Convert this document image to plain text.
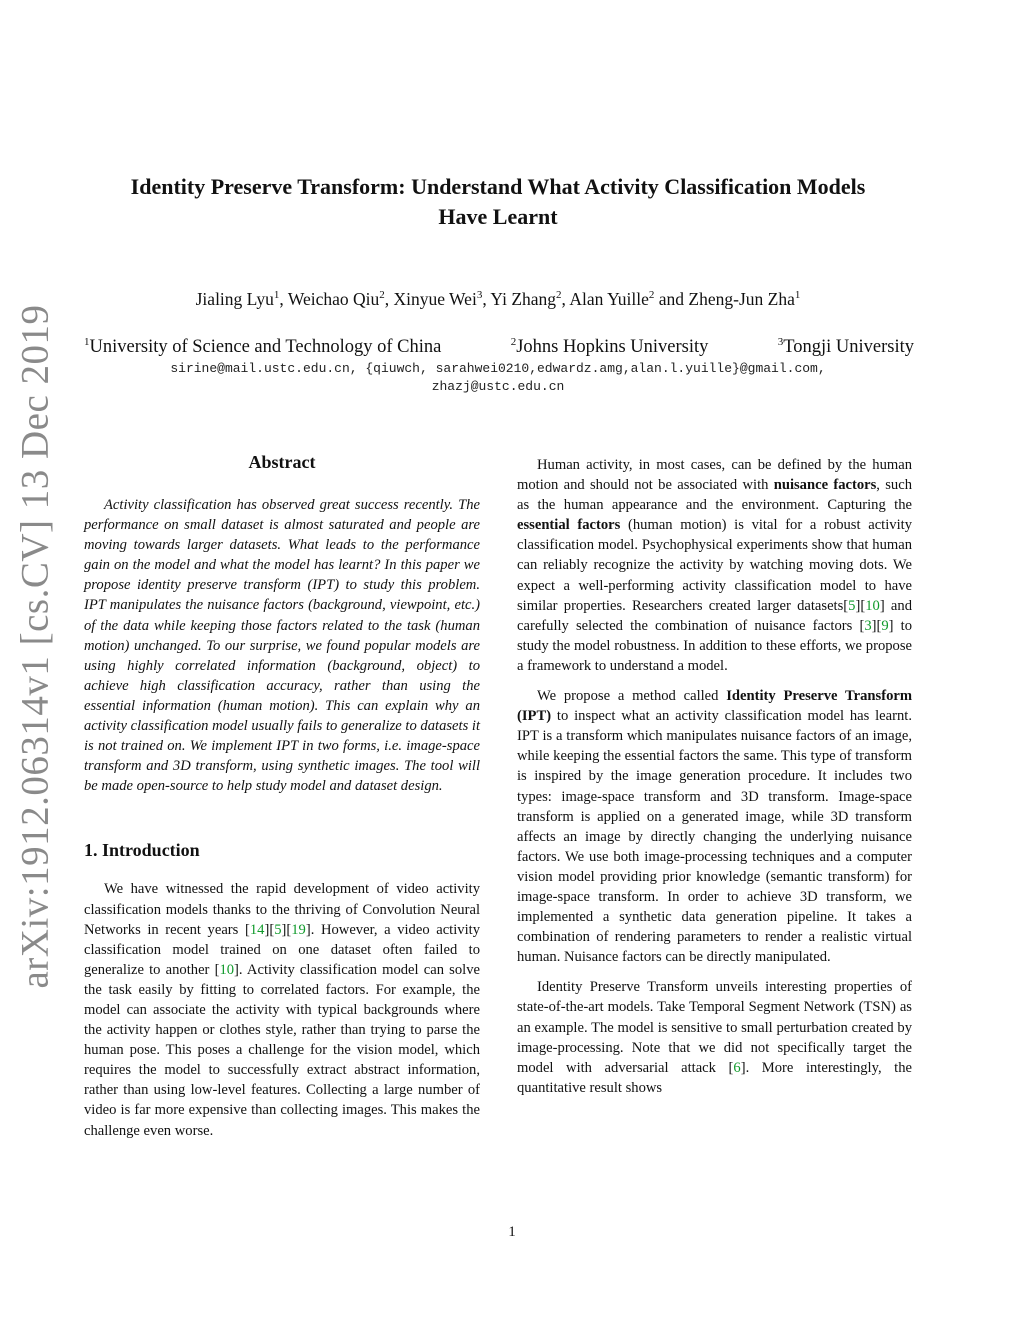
arXiv:1912.06314v1 [cs.CV] 13 Dec 2019
Identity Preserve Transform: Understand What Activity Classification Models
Have Learnt
Jialing Lyu$^1$, Weichao Qiu$^2$, Xinyue Wei$^3$, Yi Zhang$^2$, Alan Yuille$^2$ and Zheng-Jun Zha$^1$
$^1$University of Science and Technology of China	$^2$Johns Hopkins University	$^3$Tongji University
sirine@mail.ustc.edu.cn, {qiuwch, sarahwei0210,edwardz.amg,alan.l.yuille}@gmail.com,
zhazj@ustc.edu.cn
Abstract

Activity classification has observed great success recently. The performance on small dataset is almost saturated and people are moving towards larger datasets. What leads to the performance gain on the model and what the model has learnt? In this paper we propose identity preserve transform (IPT) to study this problem. IPT manipulates the nuisance factors (background, viewpoint, etc.) of the data while keeping those factors related to the task (human motion) unchanged. To our surprise, we found popular models are using highly correlated information (background, object) to achieve high classification accuracy, rather than using the essential information (human motion). This can explain why an activity classification model usually fails to generalize to datasets it is not trained on. We implement IPT in two forms, i.e. image-space transform and 3D transform, using synthetic images. The tool will be made open-source to help study model and dataset design.

1. Introduction

We have witnessed the rapid development of video activity classification models thanks to the thriving of Convolution Neural Networks in recent years [14][5][19]. However, a video activity classification model trained on one dataset often failed to generalize to another [10]. Activity classification model can solve the task easily by fitting to correlated factors. For example, the model can associate the activity with typical backgrounds where the activity happen or clothes style, rather than trying to parse the human pose. This poses a challenge for the vision model, which requires the model to successfully extract abstract information, rather than using low-level features. Collecting a large number of video is far more expensive than collecting images. This makes the challenge even worse.

Human activity, in most cases, can be defined by the human motion and should not be associated with nuisance factors, such as the human appearance and the environment. Capturing the essential factors (human motion) is vital for a robust activity classification model. Psychophysical experiments show that human can reliably recognize the activity by watching moving dots. We expect a well-performing activity classification model to have similar properties. Researchers created larger datasets[5][10] and carefully selected the combination of nuisance factors [3][9] to study the model robustness. In addition to these efforts, we propose a framework to understand a model.

We propose a method called Identity Preserve Transform (IPT) to inspect what an activity classification model has learnt. IPT is a transform which manipulates nuisance factors of an image, while keeping the essential factors the same. This type of transform is inspired by the image generation procedure. It includes two types: image-space transform and 3D transform. Image-space transform is applied on a generated image, while 3D transform affects an image by directly changing the underlying nuisance factors. We use both image-processing techniques and a computer vision model providing prior knowledge (semantic transform) for image-space transform. In order to achieve 3D transform, we implemented a synthetic data generation pipeline. It takes a combination of rendering parameters to render a realistic virtual human. Nuisance factors can be directly manipulated.

Identity Preserve Transform unveils interesting properties of state-of-the-art models. Take Temporal Segment Network (TSN) as an example. The model is sensitive to small perturbation created by image-processing. Note that we did not specifically target the model with adversarial attack [6]. More interestingly, the quantitative result shows

1
